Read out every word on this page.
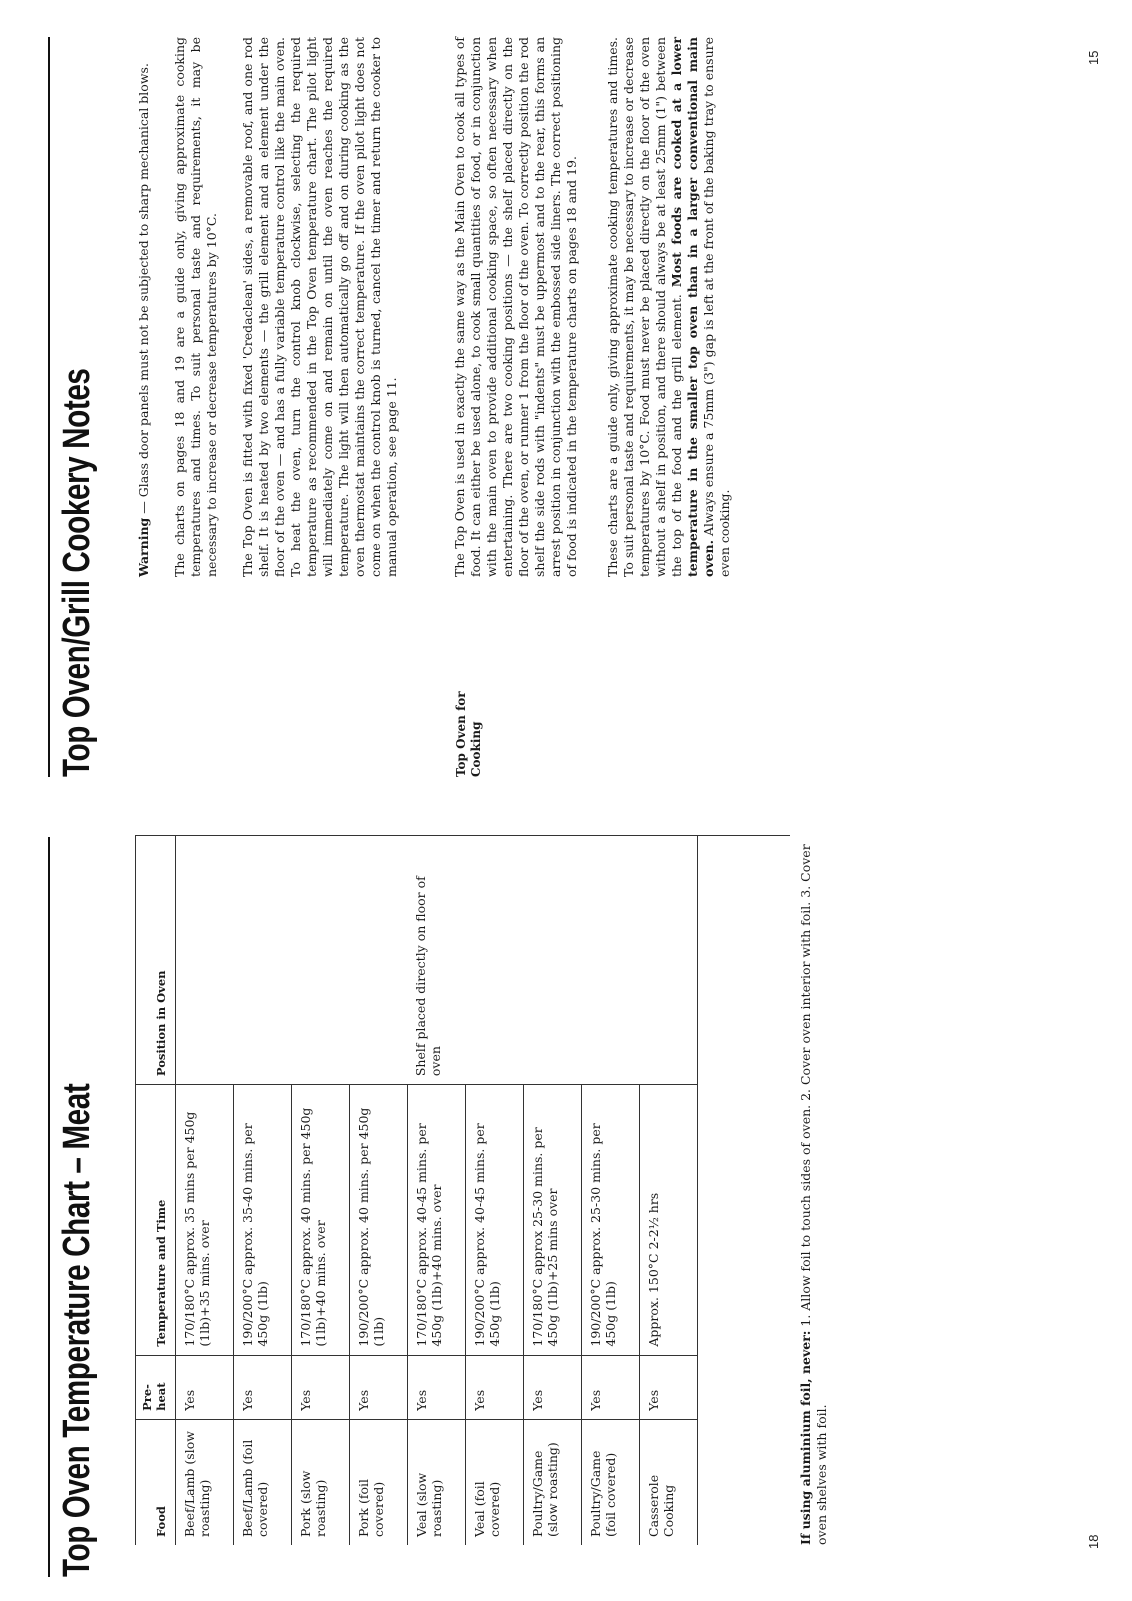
Top Oven Temperature Chart – Meat	Food	Pre-heat	Temperature and Time	Position in Oven
Beef/Lamb (slow roasting)	Yes	170/180°C approx. 35 mins per 450g (1lb)+35 mins. over	
Beef/Lamb (foil covered)	Yes	190/200°C approx. 35-40 mins. per 450g (1lb)	
Pork (slow roasting)	Yes	170/180°C approx. 40 mins. per 450g (1lb)+40 mins. over	
Pork (foil covered)	Yes	190/200°C approx. 40 mins. per 450g (1lb)	
Veal (slow roasting)	Yes	170/180°C approx. 40-45 mins. per 450g (1lb)+40 mins. over	Shelf placed directly on floor of oven
Veal (foil covered)	Yes	190/200°C approx. 40-45 mins. per 450g (1lb)	
Poultry/Game (slow roasting)	Yes	170/180°C approx 25-30 mins. per 450g (1lb)+25 mins over	
Poultry/Game (foil covered)	Yes	190/200°C approx. 25-30 mins. per 450g (1lb)	
Casserole Cooking	Yes	Approx. 150°C 2-2½ hrs	

If using aluminium foil, never: 1. Allow foil to touch sides of oven. 2. Cover oven interior with foil. 3. Cover oven shelves with foil.	18
Top Oven/Grill Cookery Notes	Warning — Glass door panels must not be subjected to sharp mechanical blows. The charts on pages 18 and 19 are a guide only, giving approximate cooking temperatures and times. To suit personal taste and requirements, it may be necessary to increase or decrease temperatures by 10°C. The Top Oven is fitted with fixed 'Credaclean' sides, a removable roof, and one rod shelf. It is heated by two elements — the grill element and an element under the floor of the oven — and has a fully variable temperature control like the main oven. To heat the oven, turn the control knob clockwise, selecting the required temperature as recommended in the Top Oven temperature chart. The pilot light will immediately come on and remain on until the oven reaches the required temperature. The light will then automatically go off and on during cooking as the oven thermostat maintains the correct temperature. If the oven pilot light does not come on when the control knob is turned, cancel the timer and return the cooker to manual operation, see page 11.

Top Oven for Cooking

The Top Oven is used in exactly the same way as the Main Oven to cook all types of food. It can either be used alone, to cook small quantities of food, or in conjunction with the main oven to provide additional cooking space, so often necessary when entertaining. There are two cooking positions — the shelf placed directly on the floor of the oven, or runner 1 from the floor of the oven. To correctly position the rod shelf the side rods with "indents" must be uppermost and to the rear, this forms an arrest position in conjunction with the embossed side liners. The correct positioning of food is indicated in the temperature charts on pages 18 and 19. These charts are a guide only, giving approximate cooking temperatures and times. To suit personal taste and requirements, it may be necessary to increase or decrease temperatures by 10°C. Food must never be placed directly on the floor of the oven without a shelf in position, and there should always be at least 25mm (1") between the top of the food and the grill element. Most foods are cooked at a lower temperature in the smaller top oven than in a larger conventional main oven. Always ensure a 75mm (3") gap is left at the front of the baking tray to ensure even cooking.

15
